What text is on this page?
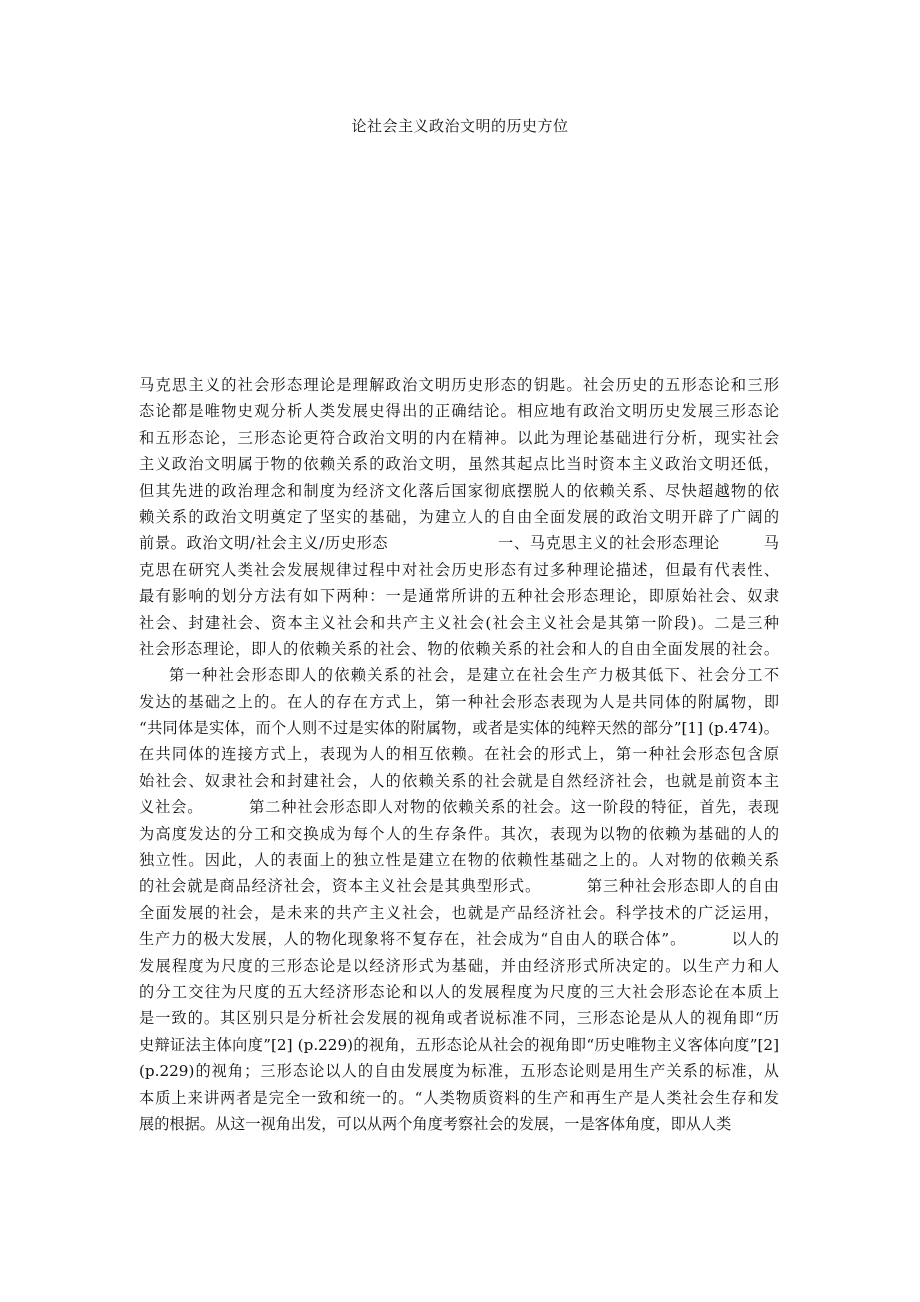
论社会主义政治文明的历史方位
马克思主义的社会形态理论是理解政治文明历史形态的钥匙。社会历史的五形态论和三形
态论都是唯物史观分析人类发展史得出的正确结论。相应地有政治文明历史发展三形态论
和五形态论，三形态论更符合政治文明的内在精神。以此为理论基础进行分析，现实社会
主义政治文明属于物的依赖关系的政治文明，虽然其起点比当时资本主义政治文明还低，
但其先进的政治理念和制度为经济文化落后国家彻底摆脱人的依赖关系、尽快超越物的依
赖关系的政治文明奠定了坚实的基础，为建立人的自由全面发展的政治文明开辟了广阔的
前景。政治文明/社会主义/历史形态                    一、马克思主义的社会形态理论        马
克思在研究人类社会发展规律过程中对社会历史形态有过多种理论描述，但最有代表性、
最有影响的划分方法有如下两种：一是通常所讲的五种社会形态理论，即原始社会、奴隶
社会、封建社会、资本主义社会和共产主义社会(社会主义社会是其第一阶段)。二是三种
社会形态理论，即人的依赖关系的社会、物的依赖关系的社会和人的自由全面发展的社会。
第一种社会形态即人的依赖关系的社会，是建立在社会生产力极其低下、社会分工不
发达的基础之上的。在人的存在方式上，第一种社会形态表现为人是共同体的附属物，即
“共同体是实体，而个人则不过是实体的附属物，或者是实体的纯粹天然的部分”[1] (p.474)。
在共同体的连接方式上，表现为人的相互依赖。在社会的形式上，第一种社会形态包含原
始社会、奴隶社会和封建社会，人的依赖关系的社会就是自然经济社会，也就是前资本主
义社会。        第二种社会形态即人对物的依赖关系的社会。这一阶段的特征，首先，表现
为高度发达的分工和交换成为每个人的生存条件。其次，表现为以物的依赖为基础的人的
独立性。因此，人的表面上的独立性是建立在物的依赖性基础之上的。人对物的依赖关系
的社会就是商品经济社会，资本主义社会是其典型形式。        第三种社会形态即人的自由
全面发展的社会，是未来的共产主义社会，也就是产品经济社会。科学技术的广泛运用，
生产力的极大发展，人的物化现象将不复存在，社会成为“自由人的联合体”。        以人的
发展程度为尺度的三形态论是以经济形式为基础，并由经济形式所决定的。以生产力和人
的分工交往为尺度的五大经济形态论和以人的发展程度为尺度的三大社会形态论在本质上
是一致的。其区别只是分析社会发展的视角或者说标准不同，三形态论是从人的视角即“历
史辩证法主体向度”[2] (p.229)的视角，五形态论从社会的视角即“历史唯物主义客体向度”[2]
(p.229)的视角；三形态论以人的自由发展度为标准，五形态论则是用生产关系的标准，从
本质上来讲两者是完全一致和统一的。“人类物质资料的生产和再生产是人类社会生存和发
展的根据。从这一视角出发，可以从两个角度考察社会的发展，一是客体角度，即从人类
